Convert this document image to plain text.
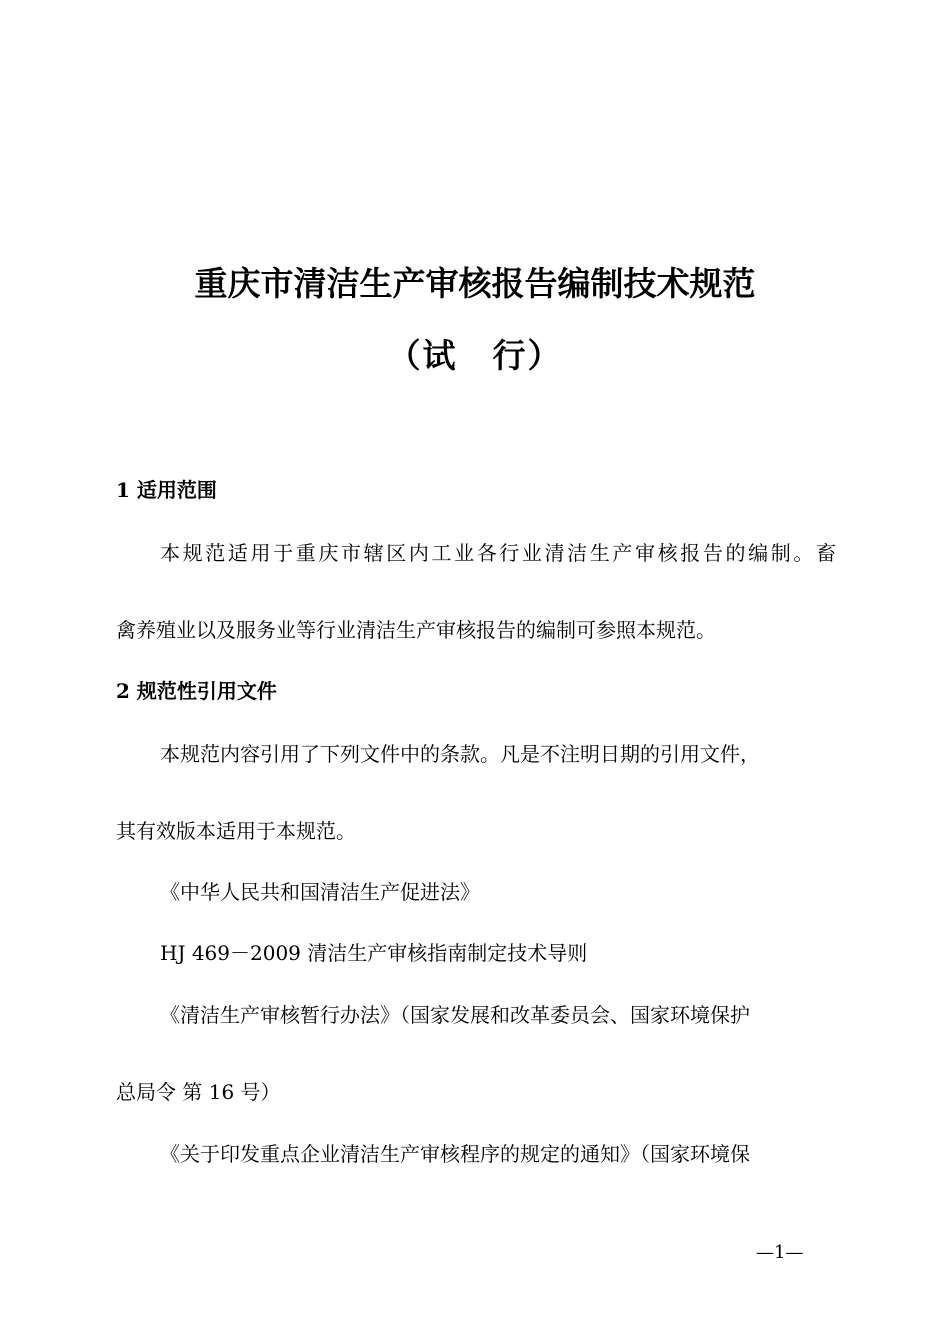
重庆市清洁生产审核报告编制技术规范
（试　行）
1 适用范围

本规范适用于重庆市辖区内工业各行业清洁生产审核报告的编制。畜

禽养殖业以及服务业等行业清洁生产审核报告的编制可参照本规范。

2 规范性引用文件

本规范内容引用了下列文件中的条款。凡是不注明日期的引用文件，

其有效版本适用于本规范。

《中华人民共和国清洁生产促进法》

HJ 469－2009 清洁生产审核指南制定技术导则

《清洁生产审核暂行办法》（国家发展和改革委员会、国家环境保护

总局令 第 16 号）

《关于印发重点企业清洁生产审核程序的规定的通知》（国家环境保

—1—
